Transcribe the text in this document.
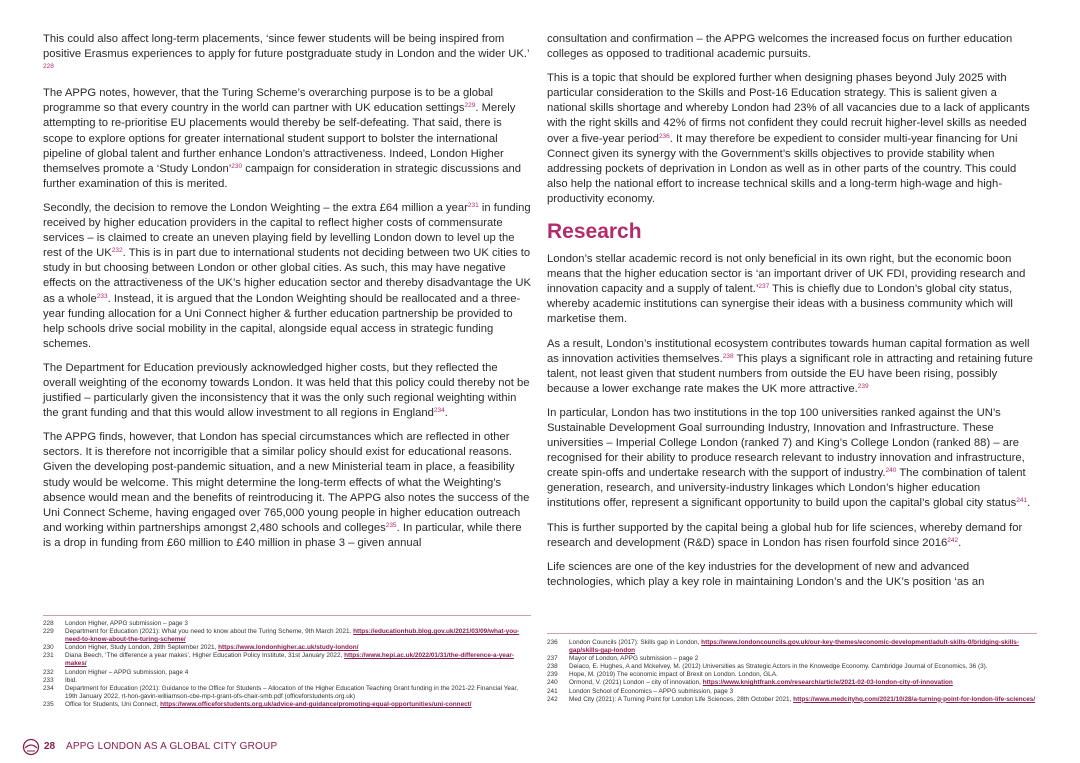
This could also affect long-term placements, ‘since fewer students will be being inspired from positive Erasmus experiences to apply for future postgraduate study in London and the wider UK.’ $^{228}$

The APPG notes, however, that the Turing Scheme’s overarching purpose is to be a global programme so that every country in the world can partner with UK education settings$^{229}$. Merely attempting to re-prioritise EU placements would thereby be self-defeating. That said, there is scope to explore options for greater international student support to bolster the international pipeline of global talent and further enhance London’s attractiveness. Indeed, London Higher themselves promote a ‘Study London’$^{230}$ campaign for consideration in strategic discussions and further examination of this is merited.

Secondly, the decision to remove the London Weighting – the extra £64 million a year$^{231}$ in funding received by higher education providers in the capital to reflect higher costs of commensurate services – is claimed to create an uneven playing field by levelling London down to level up the rest of the UK$^{232}$. This is in part due to international students not deciding between two UK cities to study in but choosing between London or other global cities. As such, this may have negative effects on the attractiveness of the UK’s higher education sector and thereby disadvantage the UK as a whole$^{233}$. Instead, it is argued that the London Weighting should be reallocated and a three-year funding allocation for a Uni Connect higher & further education partnership be provided to help schools drive social mobility in the capital, alongside equal access in strategic funding schemes.

The Department for Education previously acknowledged higher costs, but they reflected the overall weighting of the economy towards London. It was held that this policy could thereby not be justified – particularly given the inconsistency that it was the only such regional weighting within the grant funding and that this would allow investment to all regions in England$^{234}$.

The APPG finds, however, that London has special circumstances which are reflected in other sectors. It is therefore not incorrigible that a similar policy should exist for educational reasons. Given the developing post-pandemic situation, and a new Ministerial team in place, a feasibility study would be welcome. This might determine the long-term effects of what the Weighting’s absence would mean and the benefits of reintroducing it. The APPG also notes the success of the Uni Connect Scheme, having engaged over 765,000 young people in higher education outreach and working within partnerships amongst 2,480 schools and colleges$^{235}$. In particular, while there is a drop in funding from £60 million to £40 million in phase 3 – given annual

consultation and confirmation – the APPG welcomes the increased focus on further education colleges as opposed to traditional academic pursuits.

This is a topic that should be explored further when designing phases beyond July 2025 with particular consideration to the Skills and Post-16 Education strategy. This is salient given a national skills shortage and whereby London had 23% of all vacancies due to a lack of applicants with the right skills and 42% of firms not confident they could recruit higher-level skills as needed over a five-year period$^{236}$. It may therefore be expedient to consider multi-year financing for Uni Connect given its synergy with the Government’s skills objectives to provide stability when addressing pockets of deprivation in London as well as in other parts of the country. This could also help the national effort to increase technical skills and a long-term high-wage and high-productivity economy.

Research

London’s stellar academic record is not only beneficial in its own right, but the economic boon means that the higher education sector is ‘an important driver of UK FDI, providing research and innovation capacity and a supply of talent.’$^{237}$ This is chiefly due to London’s global city status, whereby academic institutions can synergise their ideas with a business community which will marketise them.

As a result, London’s institutional ecosystem contributes towards human capital formation as well as innovation activities themselves.$^{238}$ This plays a significant role in attracting and retaining future talent, not least given that student numbers from outside the EU have been rising, possibly because a lower exchange rate makes the UK more attractive.$^{239}$

In particular, London has two institutions in the top 100 universities ranked against the UN’s Sustainable Development Goal surrounding Industry, Innovation and Infrastructure. These universities – Imperial College London (ranked 7) and King’s College London (ranked 88) – are recognised for their ability to produce research relevant to industry innovation and infrastructure, create spin-offs and undertake research with the support of industry.$^{240}$ The combination of talent generation, research, and university-industry linkages which London’s higher education institutions offer, represent a significant opportunity to build upon the capital’s global city status$^{241}$.

This is further supported by the capital being a global hub for life sciences, whereby demand for research and development (R&D) space in London has risen fourfold since 2016$^{242}$.

Life sciences are one of the key industries for the development of new and advanced technologies, which play a key role in maintaining London’s and the UK’s position ‘as an

228 London Higher, APPG submission – page 3
229 Department for Education (2021): What you need to know about the Turing Scheme, 9th March 2021. https://educationhub.blog.gov.uk/2021/03/09/what-you-need-to-know-about-the-turing-scheme/
230 London Higher, Study London, 28th September 2021, https://www.londonhigher.ac.uk/study-london/
231 Diana Beech, ‘The difference a year makes’, Higher Education Policy Institute, 31st January 2022, https://www.hepi.ac.uk/2022/01/31/the-difference-a-year-makes/
232 London Higher – APPG submission, page 4
233 Ibid.
234 Department for Education (2021): Guidance to the Office for Students – Allocation of the Higher Education Teaching Grant funding in the 2021-22 Financial Year, 19th January 2022, rt-hon-gavin-williamson-cbe-mp-t-grant-ofs-chair-smb.pdf (officeforstudents.org.uk)
235 Office for Students, Uni Connect, https://www.officeforstudents.org.uk/advice-and-guidance/promoting-equal-opportunities/uni-connect/
236 London Councils (2017): Skills gap in London, https://www.londoncouncils.gov.uk/our-key-themes/economic-development/adult-skills-0/bridging-skills-gap/skills-gap-london
237 Mayor of London, APPG submission – page 2
238 Deiaco, E. Hughes, A and Mckelvey, M. (2012) Universities as Strategic Actors in the Knowedge Economy. Cambridge Journal of Economics, 36 (3).
239 Hope, M. (2019) The economic impact of Brexit on London. London, GLA.
240 Ormond, V. (2021) London – city of innovation, https://www.knightfrank.com/research/article/2021-02-03-london-city-of-innovation
241 London School of Economics – APPG submission, page 3
242 Med City (2021): A Turning Point for London Life Sciences, 28th October 2021, https://www.medcityhq.com/2021/10/28/a-turning-point-for-london-life-sciences/
28 APPG LONDON AS A GLOBAL CITY GROUP
